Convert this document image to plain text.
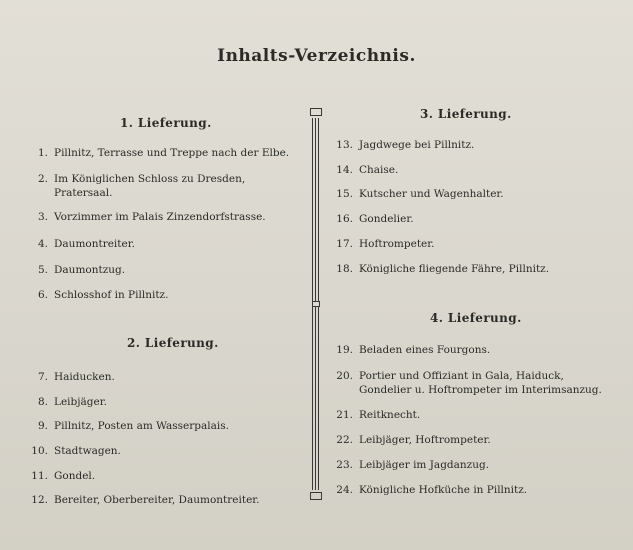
Inhalts-Verzeichnis.
1. Lieferung.
1. Pillnitz, Terrasse und Treppe nach der Elbe.
2. Im Königlichen Schloss zu Dresden,
Pratersaal.
3. Vorzimmer im Palais Zinzendorfstrasse.
4. Daumontreiter.
5. Daumontzug.
6. Schlosshof in Pillnitz.
2. Lieferung.
7. Haiducken.
8. Leibjäger.
9. Pillnitz, Posten am Wasserpalais.
10. Stadtwagen.
11. Gondel.
12. Bereiter, Oberbereiter, Daumontreiter.
3. Lieferung.
13. Jagdwege bei Pillnitz.
14. Chaise.
15. Kutscher und Wagenhalter.
16. Gondelier.
17. Hoftrompeter.
18. Königliche fliegende Fähre, Pillnitz.
4. Lieferung.
19. Beladen eines Fourgons.
20. Portier und Offiziant in Gala, Haiduck,
Gondelier u. Hoftrompeter im Interimsanzug.
21. Reitknecht.
22. Leibjäger, Hoftrompeter.
23. Leibjäger im Jagdanzug.
24. Königliche Hofküche in Pillnitz.
